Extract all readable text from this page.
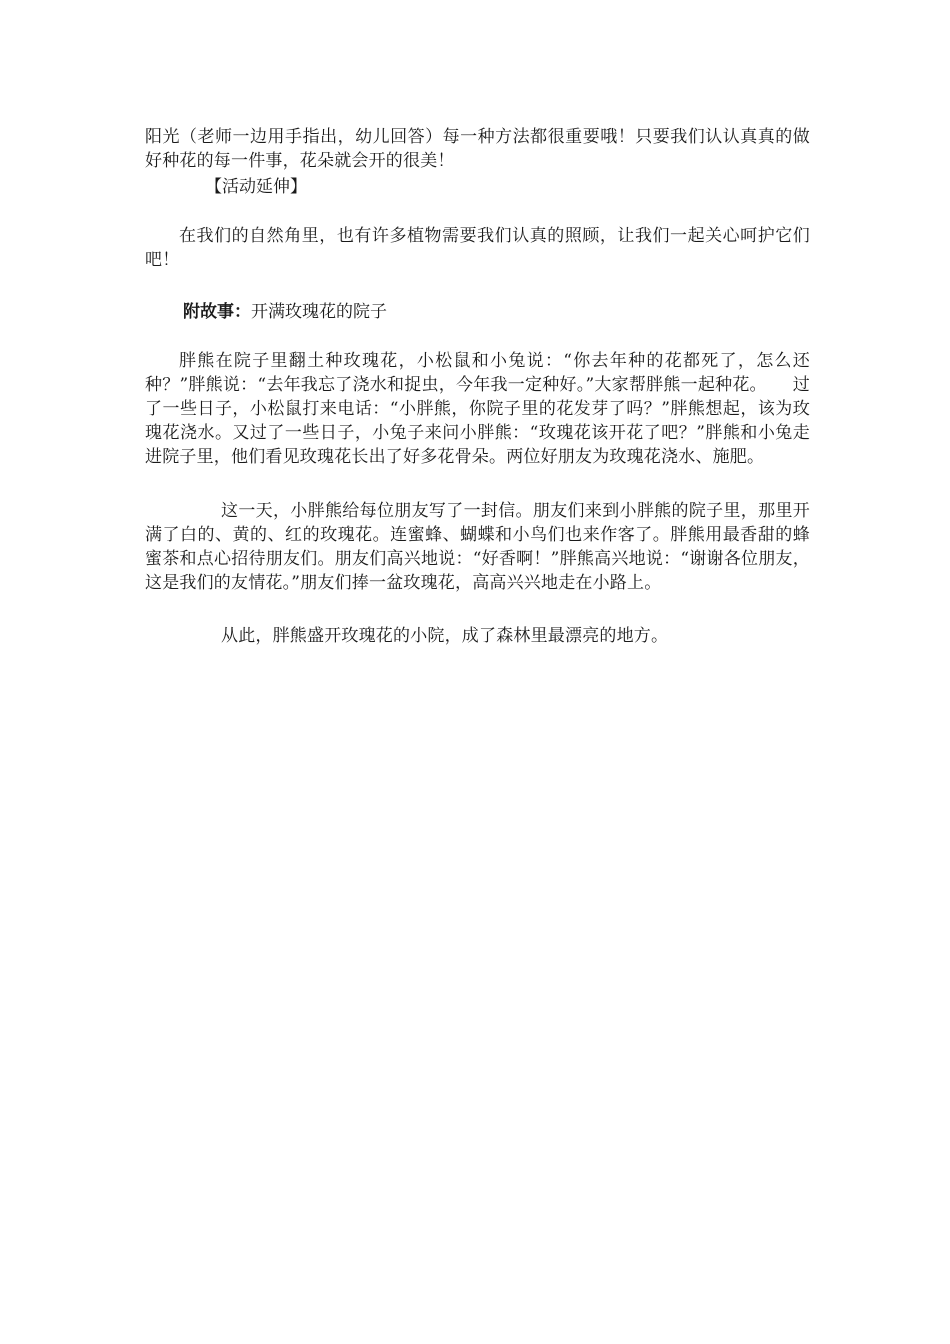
阳光（老师一边用手指出，幼儿回答）每一种方法都很重要哦！只要我们认认真真的做好种花的每一件事，花朵就会开的很美！

【活动延伸】

在我们的自然角里，也有许多植物需要我们认真的照顾，让我们一起关心呵护它们吧！

附故事：开满玫瑰花的院子

胖熊在院子里翻土种玫瑰花，小松鼠和小兔说：“你去年种的花都死了，怎么还种？”胖熊说：“去年我忘了浇水和捉虫，今年我一定种好。”大家帮胖熊一起种花。　　过了一些日子，小松鼠打来电话：“小胖熊，你院子里的花发芽了吗？”胖熊想起，该为玫瑰花浇水。又过了一些日子，小兔子来问小胖熊：“玫瑰花该开花了吧？”胖熊和小兔走进院子里，他们看见玫瑰花长出了好多花骨朵。两位好朋友为玫瑰花浇水、施肥。

这一天，小胖熊给每位朋友写了一封信。朋友们来到小胖熊的院子里，那里开满了白的、黄的、红的玫瑰花。连蜜蜂、蝴蝶和小鸟们也来作客了。胖熊用最香甜的蜂蜜茶和点心招待朋友们。朋友们高兴地说：“好香啊！”胖熊高兴地说：“谢谢各位朋友，这是我们的友情花。”朋友们捧一盆玫瑰花，高高兴兴地走在小路上。

从此，胖熊盛开玫瑰花的小院，成了森林里最漂亮的地方。
